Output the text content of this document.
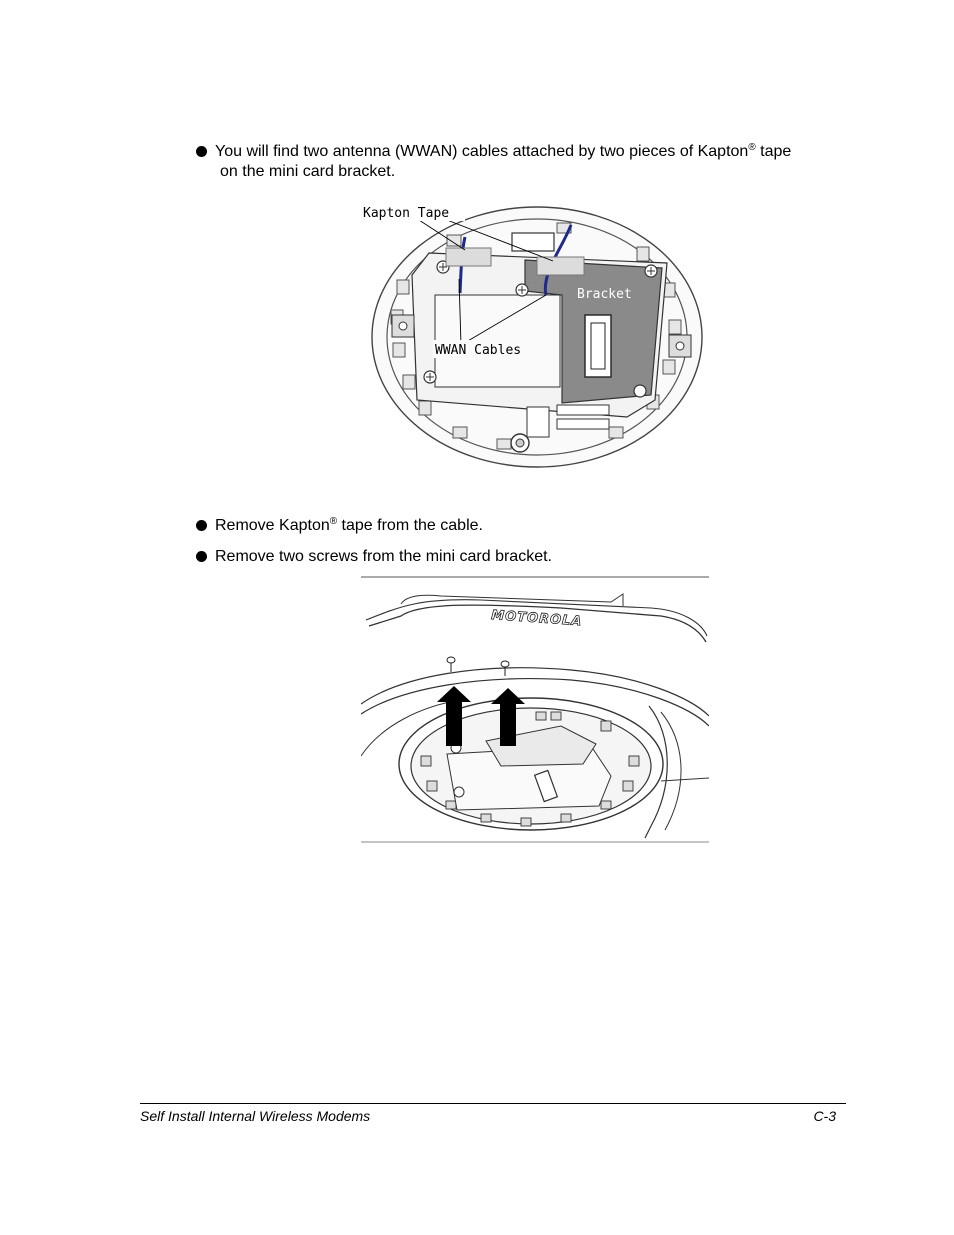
You will find two antenna (WWAN) cables attached by two pieces of Kapton® tape
on the mini card bracket.
Kapton Tape
Bracket
WWAN Cables
Remove Kapton® tape from the cable.
Remove two screws from the mini card bracket.
MOTOROLA
Self Install Internal Wireless Modems	C-3
